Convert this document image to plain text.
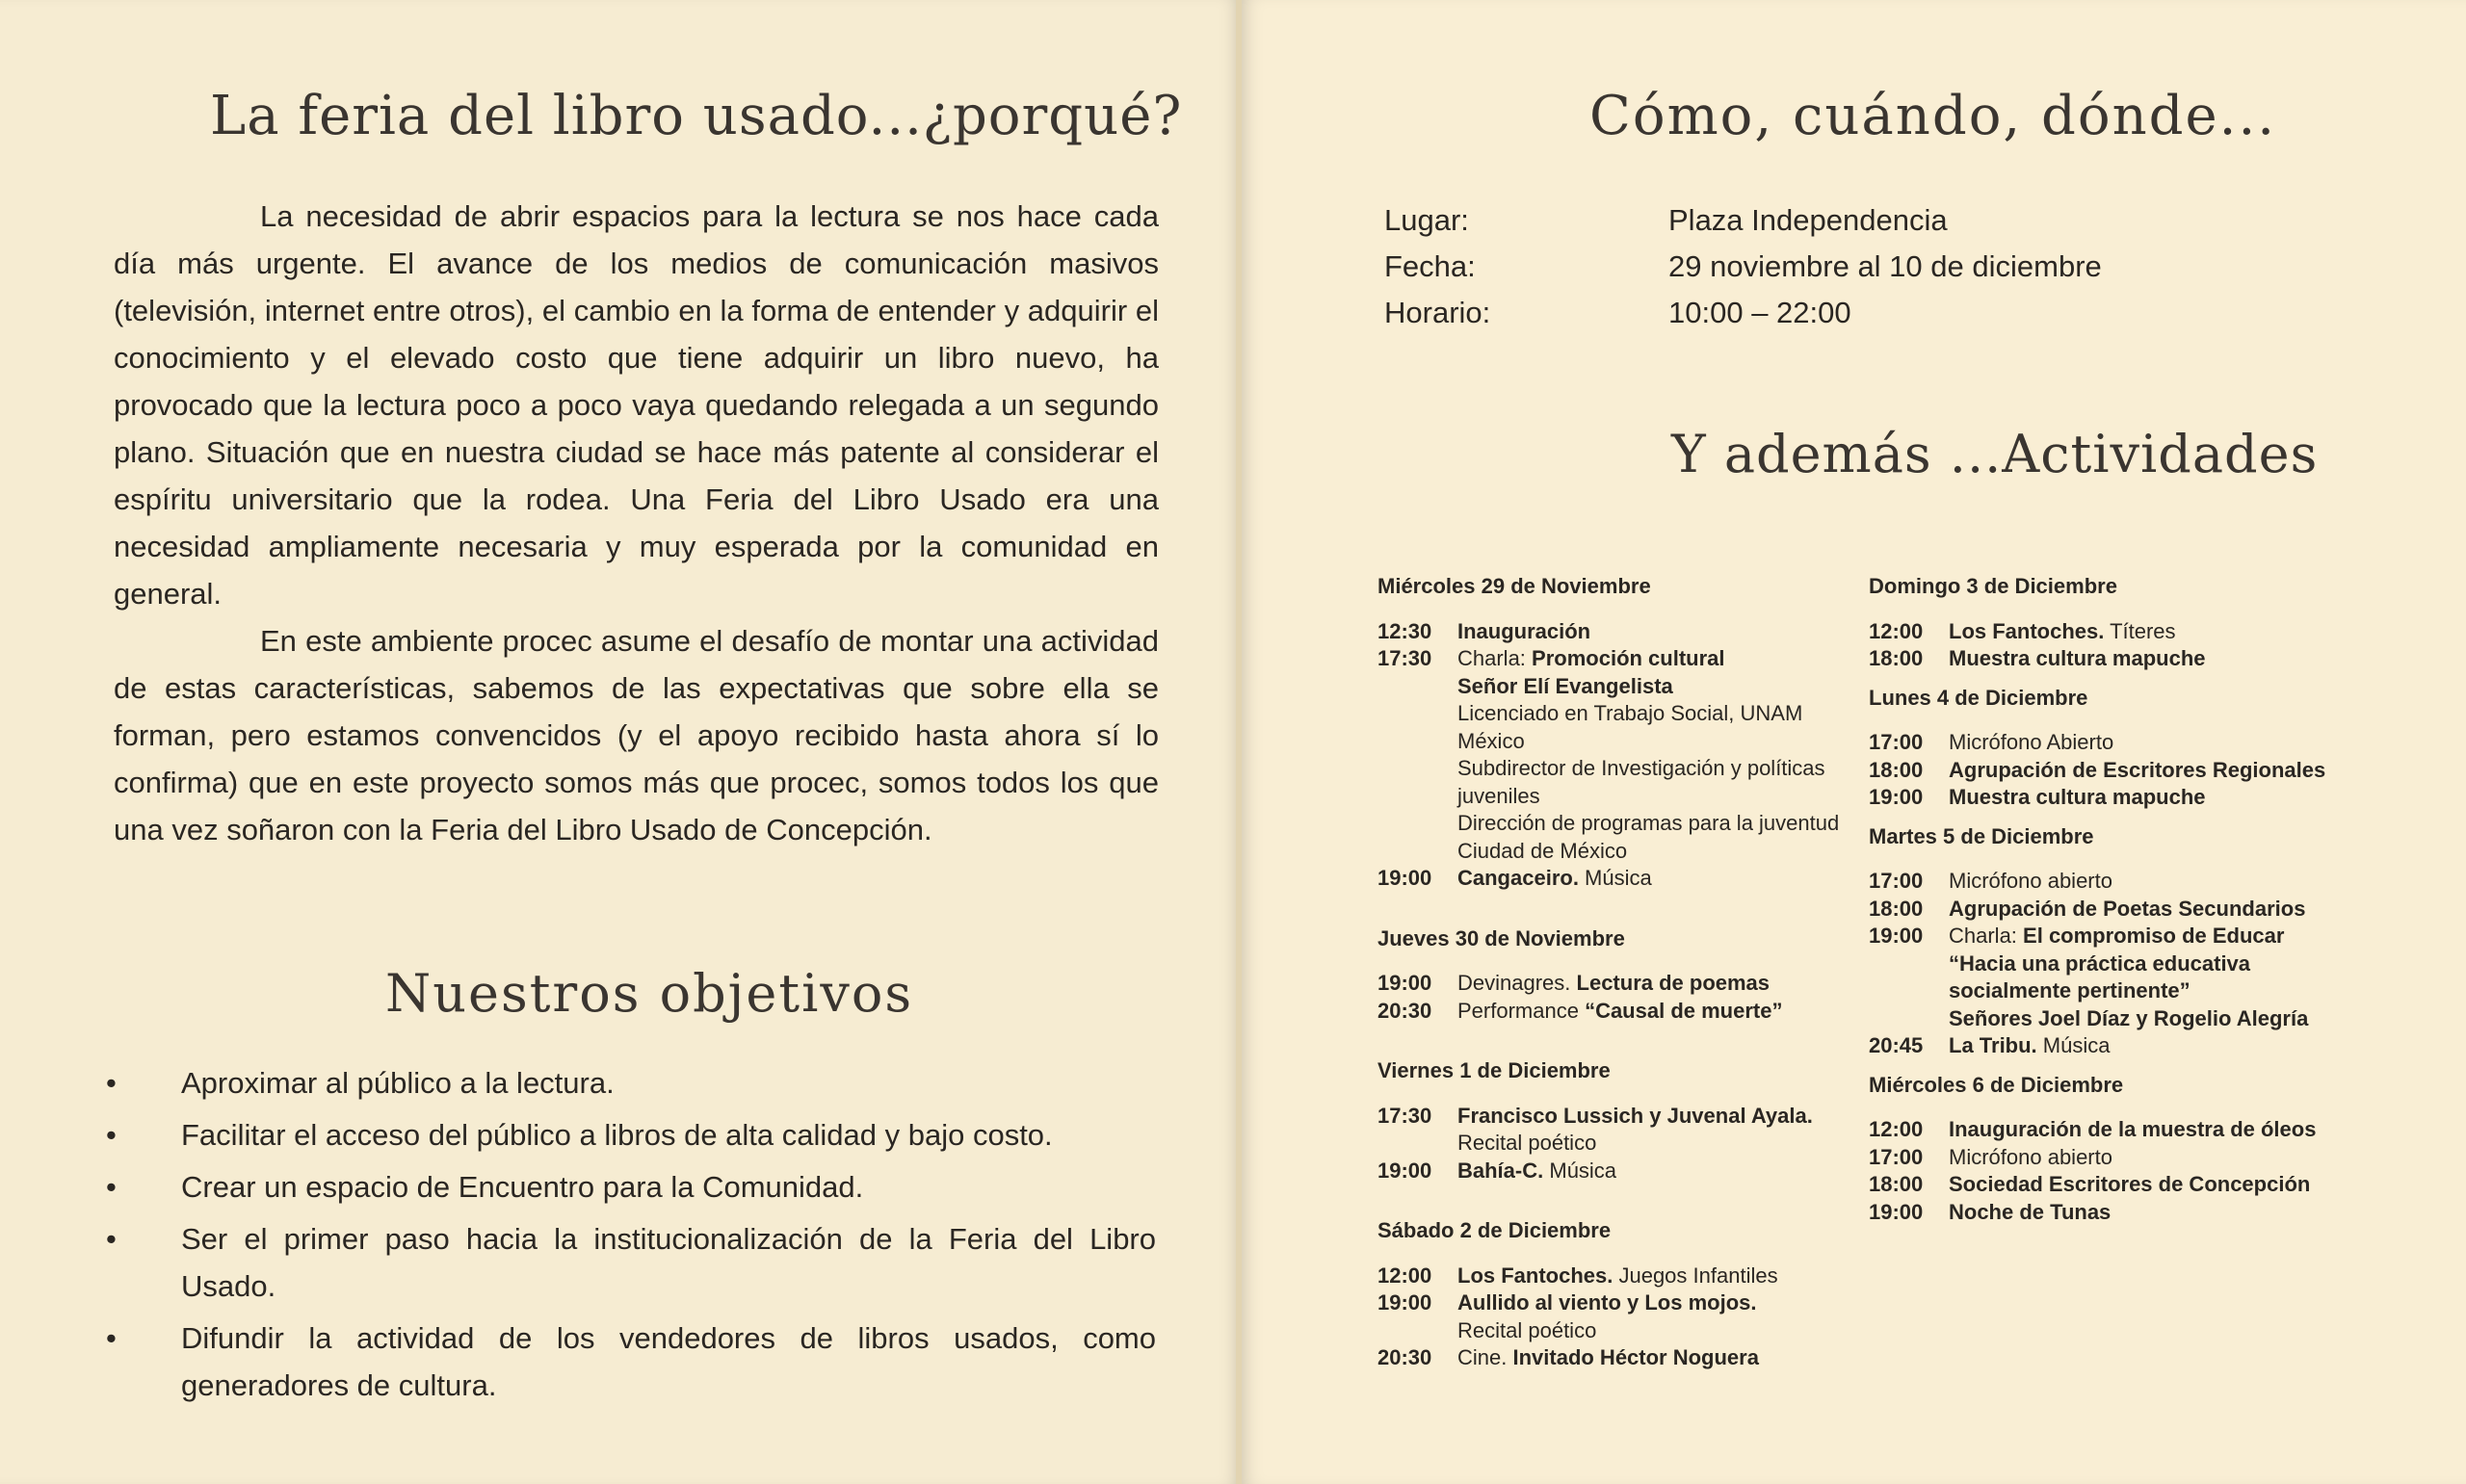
La feria del libro usado...¿porqué?

La necesidad de abrir espacios para la lectura se nos hace cada día más urgente. El avance de los medios de comunicación masivos (televisión, internet entre otros), el cambio en la forma de entender y adquirir el conocimiento y el elevado costo que tiene adquirir un libro nuevo, ha provocado que la lectura poco a poco vaya quedando relegada a un segundo plano. Situación que en nuestra ciudad se hace más patente al considerar el espíritu universitario que la rodea. Una Feria del Libro Usado era una necesidad ampliamente necesaria y muy esperada por la comunidad en general.

En este ambiente procec asume el desafío de montar una actividad de estas características, sabemos de las expectativas que sobre ella se forman, pero estamos convencidos (y el apoyo recibido hasta ahora sí lo confirma) que en este proyecto somos más que procec, somos todos los que una vez soñaron con la Feria del Libro Usado de Concepción.

Nuestros objetivos
• Aproximar al público a la lectura.
• Facilitar el acceso del público a libros de alta calidad y bajo costo.
• Crear un espacio de Encuentro para la Comunidad.
• Ser el primer paso hacia la institucionalización de la Feria del Libro Usado.
• Difundir la actividad de los vendedores de libros usados, como generadores de cultura.
Cómo, cuándo, dónde...
Lugar:	Plaza Independencia
Fecha:	29 noviembre al 10 de diciembre
Horario:	10:00 – 22:00
Y además ...Actividades
Miércoles 29 de Noviembre
12:30	Inauguración
17:30	Charla: Promoción cultural
Señor Elí Evangelista
Licenciado en Trabajo Social, UNAM México
Subdirector de Investigación y políticas juveniles
Dirección de programas para la juventud
Ciudad de México
19:00	Cangaceiro. Música
Jueves 30 de Noviembre
19:00	Devinagres. Lectura de poemas
20:30	Performance “Causal de muerte”
Viernes 1 de Diciembre
17:30	Francisco Lussich y Juvenal Ayala.
Recital poético
19:00	Bahía-C. Música
Sábado 2 de Diciembre
12:00	Los Fantoches. Juegos Infantiles
19:00	Aullido al viento y Los mojos.
Recital poético
20:30	Cine. Invitado Héctor Noguera
Domingo 3 de Diciembre
12:00	Los Fantoches. Títeres
18:00	Muestra cultura mapuche
Lunes 4 de Diciembre
17:00	Micrófono Abierto
18:00	Agrupación de Escritores Regionales
19:00	Muestra cultura mapuche
Martes 5 de Diciembre
17:00	Micrófono abierto
18:00	Agrupación de Poetas Secundarios
19:00	Charla: El compromiso de Educar
“Hacia una práctica educativa socialmente pertinente”
Señores Joel Díaz y Rogelio Alegría
20:45	La Tribu. Música
Miércoles 6 de Diciembre
12:00	Inauguración de la muestra de óleos
17:00	Micrófono abierto
18:00	Sociedad Escritores de Concepción
19:00	Noche de Tunas
